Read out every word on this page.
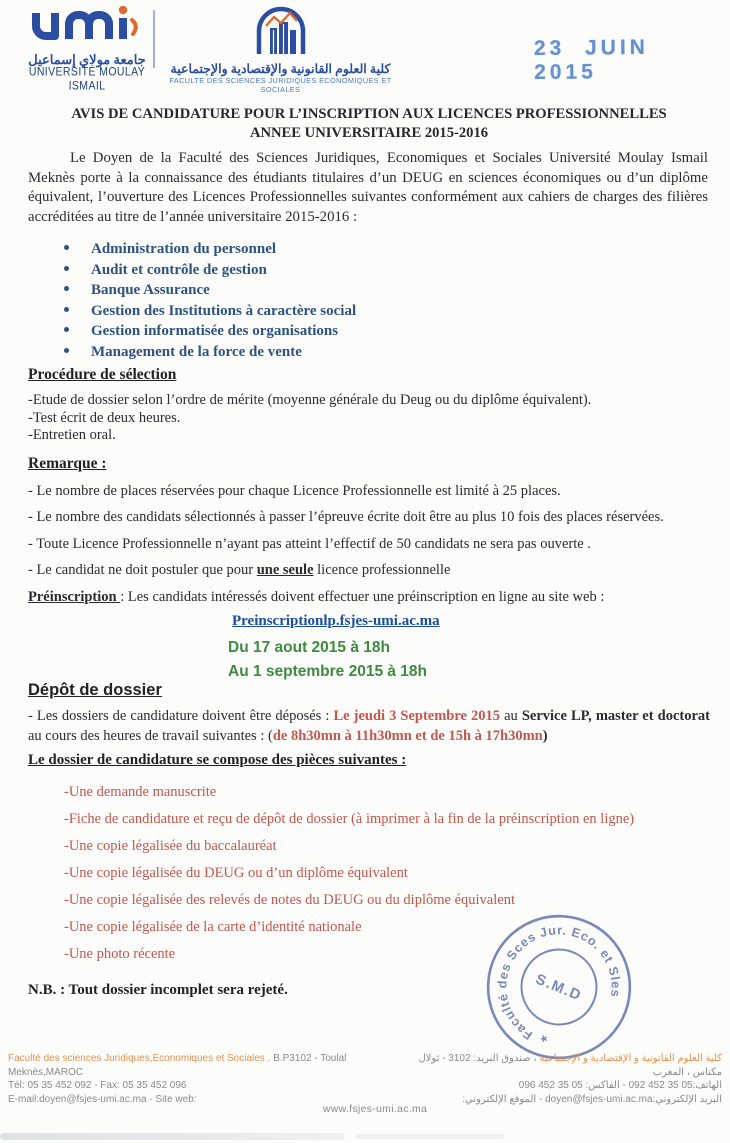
جامعة مولاي إسماعيل
UNIVERSITÉ MOULAY ISMAIL
كلية العلوم القانونية والإقتصادية والإجتماعية
FACULTE DES SCIENCES JURIDIQUES ECONOMIQUES ET SOCIALES
23 JUIN 2015
AVIS DE CANDIDATURE POUR L’INSCRIPTION AUX LICENCES PROFESSIONNELLES
ANNEE UNIVERSITAIRE 2015-2016
Le Doyen de la Faculté des Sciences Juridiques, Economiques et Sociales Université Moulay Ismail Meknès porte à la connaissance des étudiants titulaires d’un DEUG en sciences économiques ou d’un diplôme équivalent, l’ouverture des Licences Professionnelles suivantes conformément aux cahiers de charges des filières accréditées au titre de l’année universitaire 2015-2016 :
Administration du personnel
Audit et contrôle de gestion
Banque Assurance
Gestion des Institutions à caractère social
Gestion informatisée des organisations
Management de la force de vente
Procédure de sélection
-Etude de dossier selon l’ordre de mérite (moyenne générale du Deug ou du diplôme équivalent).
-Test écrit de deux heures.
-Entretien oral.
Remarque :
- Le nombre de places réservées pour chaque Licence Professionnelle est limité à 25 places.
- Le nombre des candidats sélectionnés à passer l’épreuve écrite doit être au plus 10 fois des places réservées.
- Toute Licence Professionnelle n’ayant pas atteint l’effectif de 50 candidats ne sera pas ouverte .
- Le candidat ne doit postuler que pour une seule licence professionnelle
Préinscription : Les candidats intéressés doivent effectuer une préinscription en ligne au site web :
Preinscriptionlp.fsjes-umi.ac.ma
Du 17 aout 2015 à 18h
Au 1 septembre 2015 à 18h
Dépôt de dossier
- Les dossiers de candidature doivent être déposés : Le jeudi 3 Septembre 2015 au Service LP, master et doctorat au cours des heures de travail suivantes : (de 8h30mn à 11h30mn et de 15h à 17h30mn)
Le dossier de candidature se compose des pièces suivantes :
-Une demande manuscrite
-Fiche de candidature et reçu de dépôt de dossier (à imprimer à la fin de la préinscription en ligne)
-Une copie légalisée du baccalauréat
-Une copie légalisée du DEUG ou d’un diplôme équivalent
-Une copie légalisée des relevés de notes du DEUG ou du diplôme équivalent
-Une copie légalisée de la carte d’identité nationale
-Une photo récente
N.B. : Tout dossier incomplet sera rejeté.
Faculté des Sces Jur. Eco. et Sles
S.M.D
*
Faculté des sciences Juridiques,Economiques et Sociales . B.P3102 - Toulal
Meknès,MAROC
Tél: 05 35 452 092 - Fax: 05 35 452 096
E-mail:doyen@fsjes-umi.ac.ma - Site web:
كلية العلوم القانونية و الإقتصادية و الإجتماعية ، صندوق البريد: 3102 - ثولال
مكناس ، المغرب
الهاتف:05 35 452 092 - الفاكس: 05 35 452 096
البريد الإلكتروني:doyen@fsjes-umi.ac.ma - الموقع الإلكتروني:
www.fsjes-umi.ac.ma
